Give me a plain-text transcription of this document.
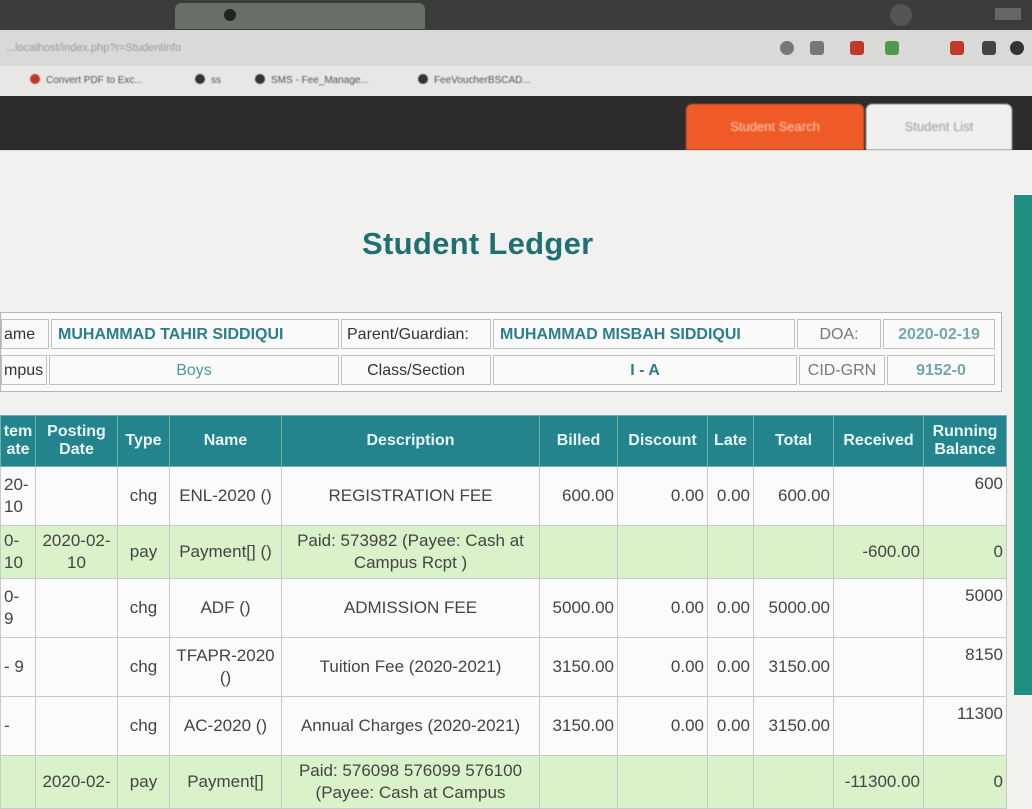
...localhost/index.php?r=Studentinfo
Convert PDF to Exc...	ss	SMS - Fee_Manage...	FeeVoucherBSCAD...
Student Search	Student List
Student Ledger
ame	MUHAMMAD TAHIR SIDDIQUI	Parent/Guardian:	MUHAMMAD MISBAH SIDDIQUI	DOA:	2020-02-19
mpus	Boys	Class/Section	I - A	CID-GRN	9152-0
tem ate	Posting Date	Type	Name	Description	Billed	Discount	Late	Total	Received	Running Balance
20- 10		chg	ENL-2020 ()	REGISTRATION FEE	600.00	0.00	0.00	600.00		600
0- 10	2020-02-10	pay	Payment[] ()	Paid: 573982 (Payee: Cash at Campus Rcpt )					-600.00	0
0- 9		chg	ADF ()	ADMISSION FEE	5000.00	0.00	0.00	5000.00		5000
- 9		chg	TFAPR-2020 ()	Tuition Fee (2020-2021)	3150.00	0.00	0.00	3150.00		8150
-		chg	AC-2020 ()	Annual Charges (2020-2021)	3150.00	0.00	0.00	3150.00		11300
	2020-02-	pay	Payment[]	Paid: 576098 576099 576100 (Payee: Cash at Campus					-11300.00	0
